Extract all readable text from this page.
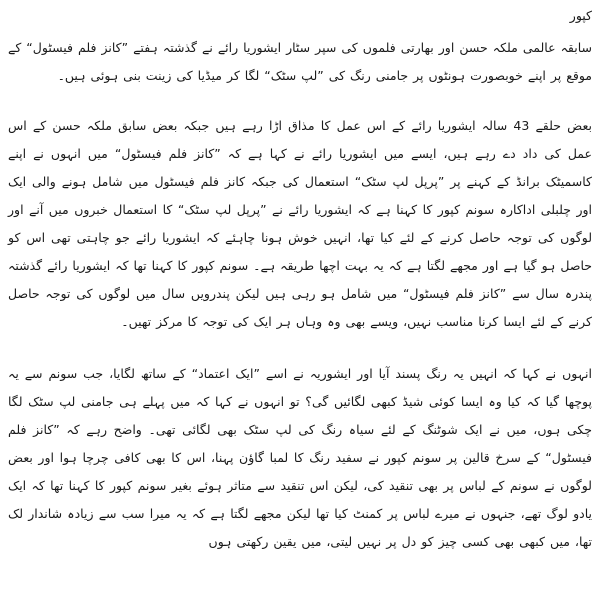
کپور

سابقہ عالمی ملکہ حسن اور بھارتی فلموں کی سپر سٹار ایشوریا رائے نے گذشتہ ہفتے ”کانز فلم فیسٹول“ کے موقع پر اپنے خوبصورت ہونٹوں پر جامنی رنگ کی ”لپ سٹک“ لگا کر میڈیا کی زینت بنی ہوئی ہیں۔

بعض حلقے 43 سالہ ایشوریا رائے کے اس عمل کا مذاق اڑا رہے ہیں جبکہ بعض سابق ملکہ حسن کے اس عمل کی داد دے رہے ہیں، ایسے میں ایشوریا رائے نے کہا ہے کہ ”کانز فلم فیسٹول“ میں انہوں نے اپنے کاسمیٹک برانڈ کے کہنے پر ”پرپل لپ سٹک“ استعمال کی جبکہ کانز فلم فیسٹول میں شامل ہونے والی ایک اور چلبلی اداکارہ سونم کپور کا کہنا ہے کہ ایشوریا رائے نے ”پرپل لپ سٹک“ کا استعمال خبروں میں آنے اور لوگوں کی توجہ حاصل کرنے کے لئے کیا تھا، انہیں خوش ہونا چاہئے کہ ایشوریا رائے جو چاہتی تھی اس کو حاصل ہو گیا ہے اور مجھے لگتا ہے کہ یہ بہت اچھا طریقہ ہے۔ سونم کپور کا کہنا تھا کہ ایشوریا رائے گذشتہ پندرہ سال سے ”کانز فلم فیسٹول“ میں شامل ہو رہی ہیں لیکن پندرویں سال میں لوگوں کی توجہ حاصل کرنے کے لئے ایسا کرنا مناسب نہیں، ویسے بھی وہ وہاں ہر ایک کی توجہ کا مرکز تھیں۔

انہوں نے کہا کہ انہیں یہ رنگ پسند آیا اور ایشوریہ نے اسے ”ایک اعتماد“ کے ساتھ لگایا، جب سونم سے یہ پوچھا گیا کہ کیا وہ ایسا کوئی شیڈ کبھی لگائیں گی؟ تو انہوں نے کہا کہ میں پہلے ہی جامنی لپ سٹک لگا چکی ہوں، میں نے ایک شوٹنگ کے لئے سیاہ رنگ کی لپ سٹک بھی لگائی تھی۔ واضح رہے کہ ”کانز فلم فیسٹول“ کے سرخ قالین پر سونم کپور نے سفید رنگ کا لمبا گاؤن پہنا، اس کا بھی کافی چرچا ہوا اور بعض لوگوں نے سونم کے لباس پر بھی تنقید کی، لیکن اس تنقید سے متاثر ہوئے بغیر سونم کپور کا کہنا تھا کہ ایک یادو لوگ تھے، جنہوں نے میرے لباس پر کمنٹ کیا تھا لیکن مجھے لگتا ہے کہ یہ میرا سب سے زیادہ شاندار لک تھا، میں کبھی بھی کسی چیز کو دل پر نہیں لیتی، میں یقین رکھتی ہوں
